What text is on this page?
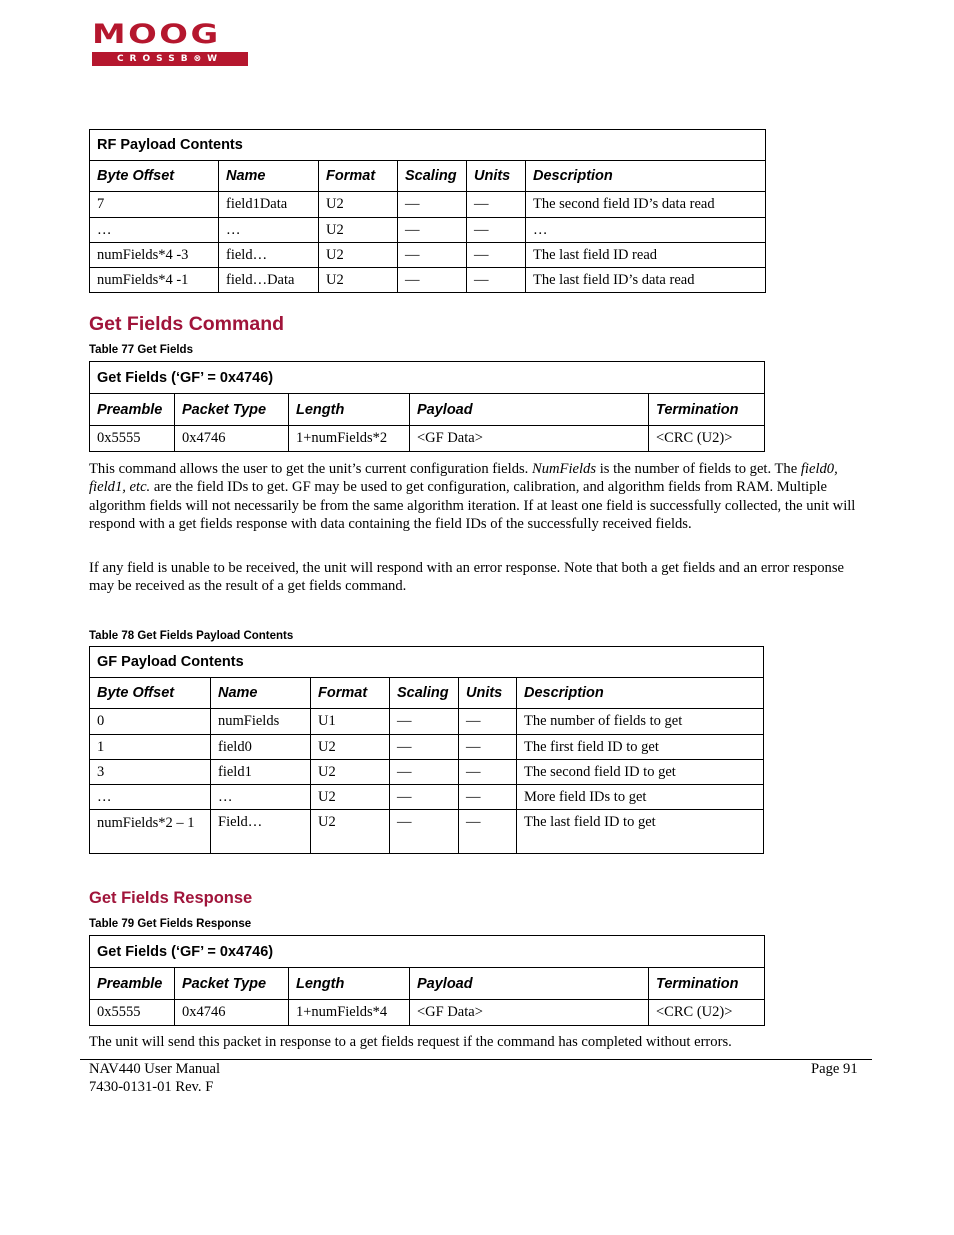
MOOG
CROSSB⊗W
RF Payload Contents					
Byte Offset	Name	Format	Scaling	Units	Description
7	field1Data	U2	—	—	The second field ID’s data read
…	…	U2	—	—	…
numFields*4 -3	field…	U2	—	—	The last field ID read
numFields*4 -1	field…Data	U2	—	—	The last field ID’s data read
Get Fields Command
Table 77 Get Fields
Get Fields (‘GF’ = 0x4746)				
Preamble	Packet Type	Length	Payload	Termination
0x5555	0x4746	1+numFields*2	<GF Data>	<CRC (U2)>

This command allows the user to get the unit’s current configuration fields. NumFields is the number of fields to get. The field0, field1, etc. are the field IDs to get. GF may be used to get configuration, calibration, and algorithm fields from RAM. Multiple algorithm fields will not necessarily be from the same algorithm iteration. If at least one field is successfully collected, the unit will respond with a get fields response with data containing the field IDs of the successfully received fields.

If any field is unable to be received, the unit will respond with an error response. Note that both a get fields and an error response may be received as the result of a get fields command.

Table 78 Get Fields Payload Contents
GF Payload Contents					
Byte Offset	Name	Format	Scaling	Units	Description
0	numFields	U1	—	—	The number of fields to get
1	field0	U2	—	—	The first field ID to get
3	field1	U2	—	—	The second field ID to get
…	…	U2	—	—	More field IDs to get
numFields*2 – 1	Field…	U2	—	—	The last field ID to get
Get Fields Response
Table 79 Get Fields Response
Get Fields (‘GF’ = 0x4746)				
Preamble	Packet Type	Length	Payload	Termination
0x5555	0x4746	1+numFields*4	<GF Data>	<CRC (U2)>

The unit will send this packet in response to a get fields request if the command has completed without errors.

NAV440 User Manual
7430-0131-01 Rev. F
Page 91
